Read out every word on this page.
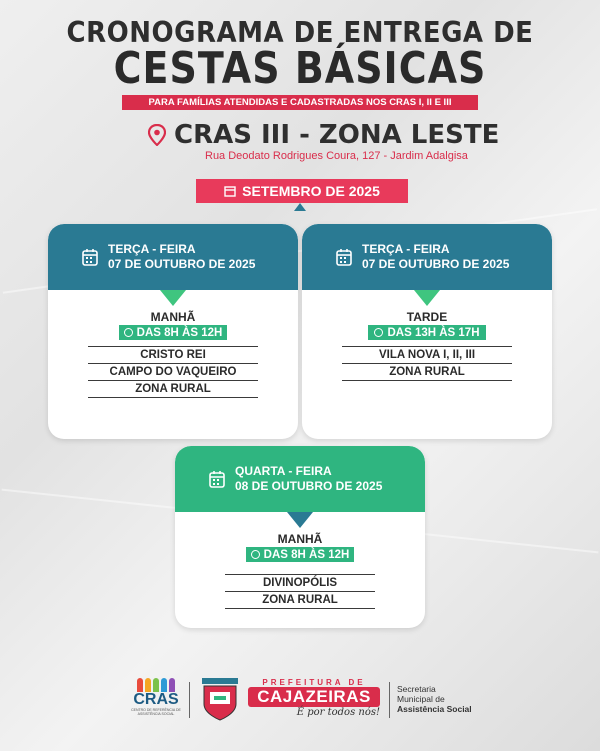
CRONOGRAMA DE ENTREGA DE
CESTAS BÁSICAS
PARA FAMÍLIAS ATENDIDAS E CADASTRADAS NOS CRAS I, II E III
CRAS III - ZONA LESTE
Rua Deodato Rodrigues Coura, 127 - Jardim Adalgisa
SETEMBRO DE 2025
TERÇA - FEIRA
07 DE OUTUBRO DE 2025
MANHÃ
DAS 8H ÀS 12H
CRISTO REI
CAMPO DO VAQUEIRO
ZONA RURAL
TERÇA - FEIRA
07 DE OUTUBRO DE 2025
TARDE
DAS 13H ÀS 17H
VILA NOVA I, II, III
ZONA RURAL
QUARTA - FEIRA
08 DE OUTUBRO DE 2025
MANHÃ
DAS 8H ÀS 12H
DIVINOPÓLIS
ZONA RURAL
CRAS
CENTRO DE REFERÊNCIA DE ASSISTÊNCIA SOCIAL
PREFEITURA DE
CAJAZEIRAS
É por todos nós!
Secretaria
Municipal de
Assistência Social
